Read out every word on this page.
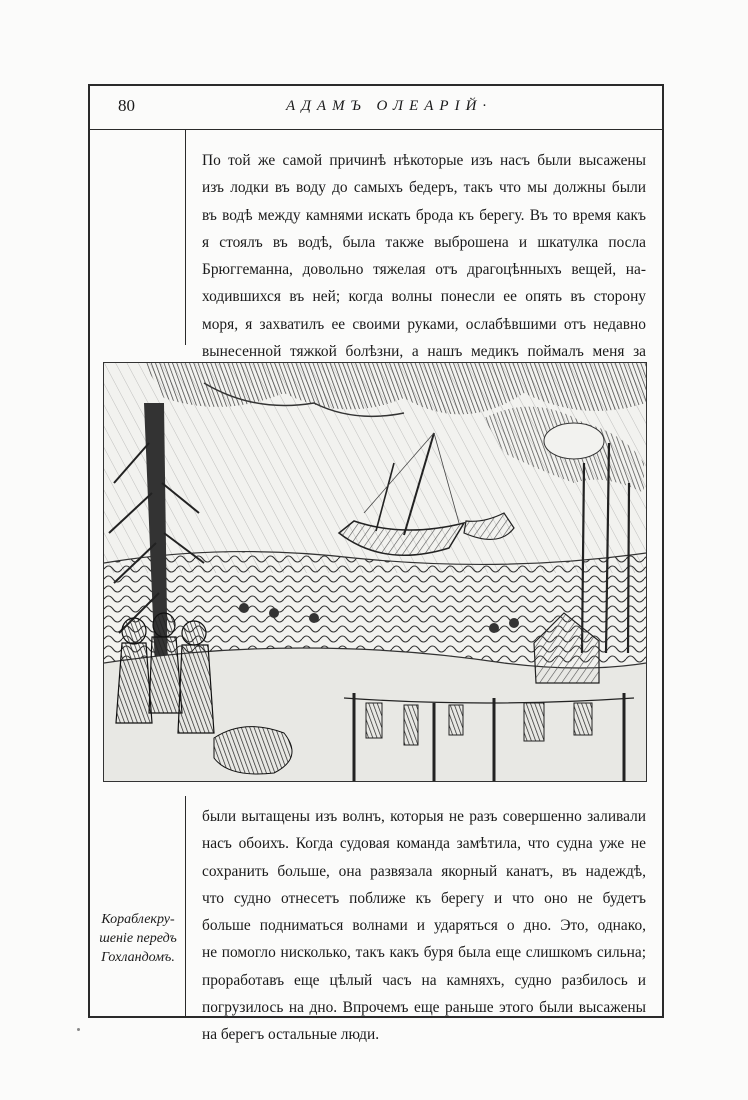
80	АДАМЪ ОЛЕАРІЙ·
По той же самой причинѣ нѣкоторые изъ насъ были высажены
изъ лодки въ воду до самыхъ бедеръ, такъ что мы должны были
въ водѣ между камнями искать брода къ берегу. Въ то время какъ
я стоялъ въ водѣ, была также выброшена и шкатулка посла
Брюггеманна, довольно тяжелая отъ драгоцѣнныхъ вещей, на-
ходившихся въ ней; когда волны понесли ее опять въ сторону
моря, я захватилъ ее своими руками, ослабѣвшими отъ недавно
вынесенной тяжкой болѣзни, а нашъ медикъ поймалъ меня за
были вытащены изъ волнъ, которыя не разъ совершенно заливали
насъ обоихъ. Когда судовая команда замѣтила, что судна уже не
сохранить больше, она развязала якорный канатъ, въ надеждѣ,
что судно отнесетъ поближе къ берегу и что оно не будетъ
больше подниматься волнами и ударяться о дно. Это, однако,
не помогло нисколько, такъ какъ буря была еще слишкомъ сильна;
проработавъ еще цѣлый часъ на камняхъ, судно разбилось и
погрузилось на дно. Впрочемъ еще раньше этого были высажены
на берегъ остальные люди.
Кораблекру-
шеніе передъ
Гохландомъ.
